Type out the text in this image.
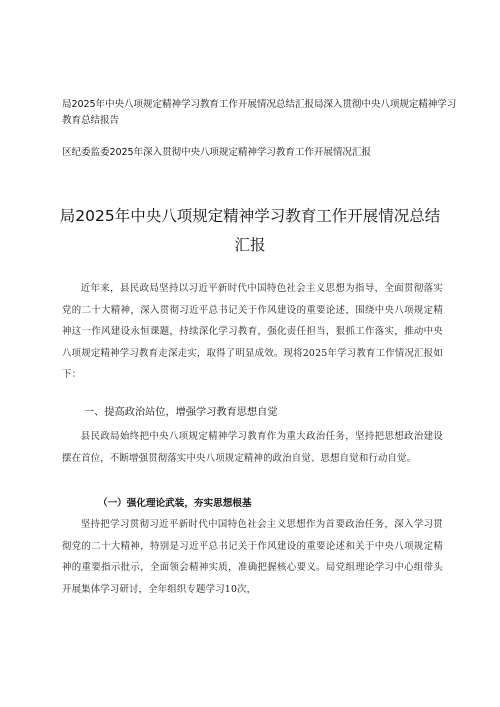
局2025年中央八项规定精神学习教育工作开展情况总结汇报局深入贯彻中央八项规定精神学习教育总结报告
区纪委监委2025年深入贯彻中央八项规定精神学习教育工作开展情况汇报
局2025年中央八项规定精神学习教育工作开展情况总结
汇报
近年来，县民政局坚持以习近平新时代中国特色社会主义思想为指导，全面贯彻落实党的二十大精神，深入贯彻习近平总书记关于作风建设的重要论述，围绕中央八项规定精神这一作风建设永恒课题，持续深化学习教育，强化责任担当，狠抓工作落实，推动中央八项规定精神学习教育走深走实，取得了明显成效。现将2025年学习教育工作情况汇报如下：
一、提高政治站位，增强学习教育思想自觉
县民政局始终把中央八项规定精神学习教育作为重大政治任务，坚持把思想政治建设摆在首位，不断增强贯彻落实中央八项规定精神的政治自觉、思想自觉和行动自觉。
（一）强化理论武装，夯实思想根基
坚持把学习贯彻习近平新时代中国特色社会主义思想作为首要政治任务，深入学习贯彻党的二十大精神，特别是习近平总书记关于作风建设的重要论述和关于中央八项规定精神的重要指示批示，全面领会精神实质，准确把握核心要义。局党组理论学习中心组带头开展集体学习研讨，全年组织专题学习10次，
